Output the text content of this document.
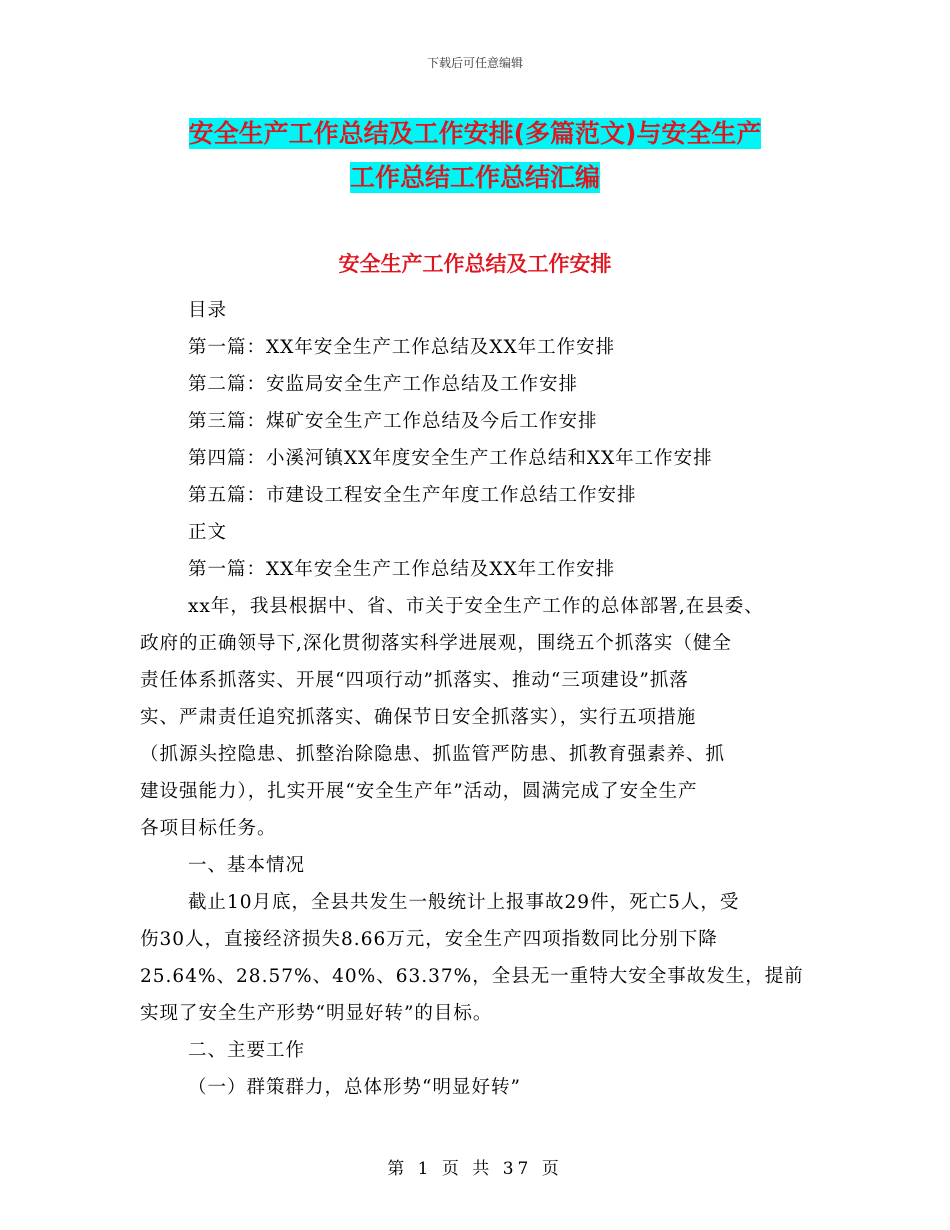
下载后可任意编辑
安全生产工作总结及工作安排(多篇范文)与安全生产
工作总结工作总结汇编
安全生产工作总结及工作安排
目录
第一篇：XX年安全生产工作总结及XX年工作安排
第二篇：安监局安全生产工作总结及工作安排
第三篇：煤矿安全生产工作总结及今后工作安排
第四篇：小溪河镇XX年度安全生产工作总结和XX年工作安排
第五篇：市建设工程安全生产年度工作总结工作安排
正文
第一篇：XX年安全生产工作总结及XX年工作安排
xx年，我县根据中、省、市关于安全生产工作的总体部署,在县委、
政府的正确领导下,深化贯彻落实科学进展观，围绕五个抓落实（健全
责任体系抓落实、开展“四项行动”抓落实、推动“三项建设”抓落
实、严肃责任追究抓落实、确保节日安全抓落实），实行五项措施
（抓源头控隐患、抓整治除隐患、抓监管严防患、抓教育强素养、抓
建设强能力），扎实开展“安全生产年”活动，圆满完成了安全生产
各项目标任务。
一、基本情况
截止10月底，全县共发生一般统计上报事故29件，死亡5人，受
伤30人，直接经济损失8.66万元，安全生产四项指数同比分别下降
25.64%、28.57%、40%、63.37%，全县无一重特大安全事故发生，提前
实现了安全生产形势“明显好转”的目标。
二、主要工作
（一）群策群力，总体形势“明显好转”
第 1 页 共 37 页
